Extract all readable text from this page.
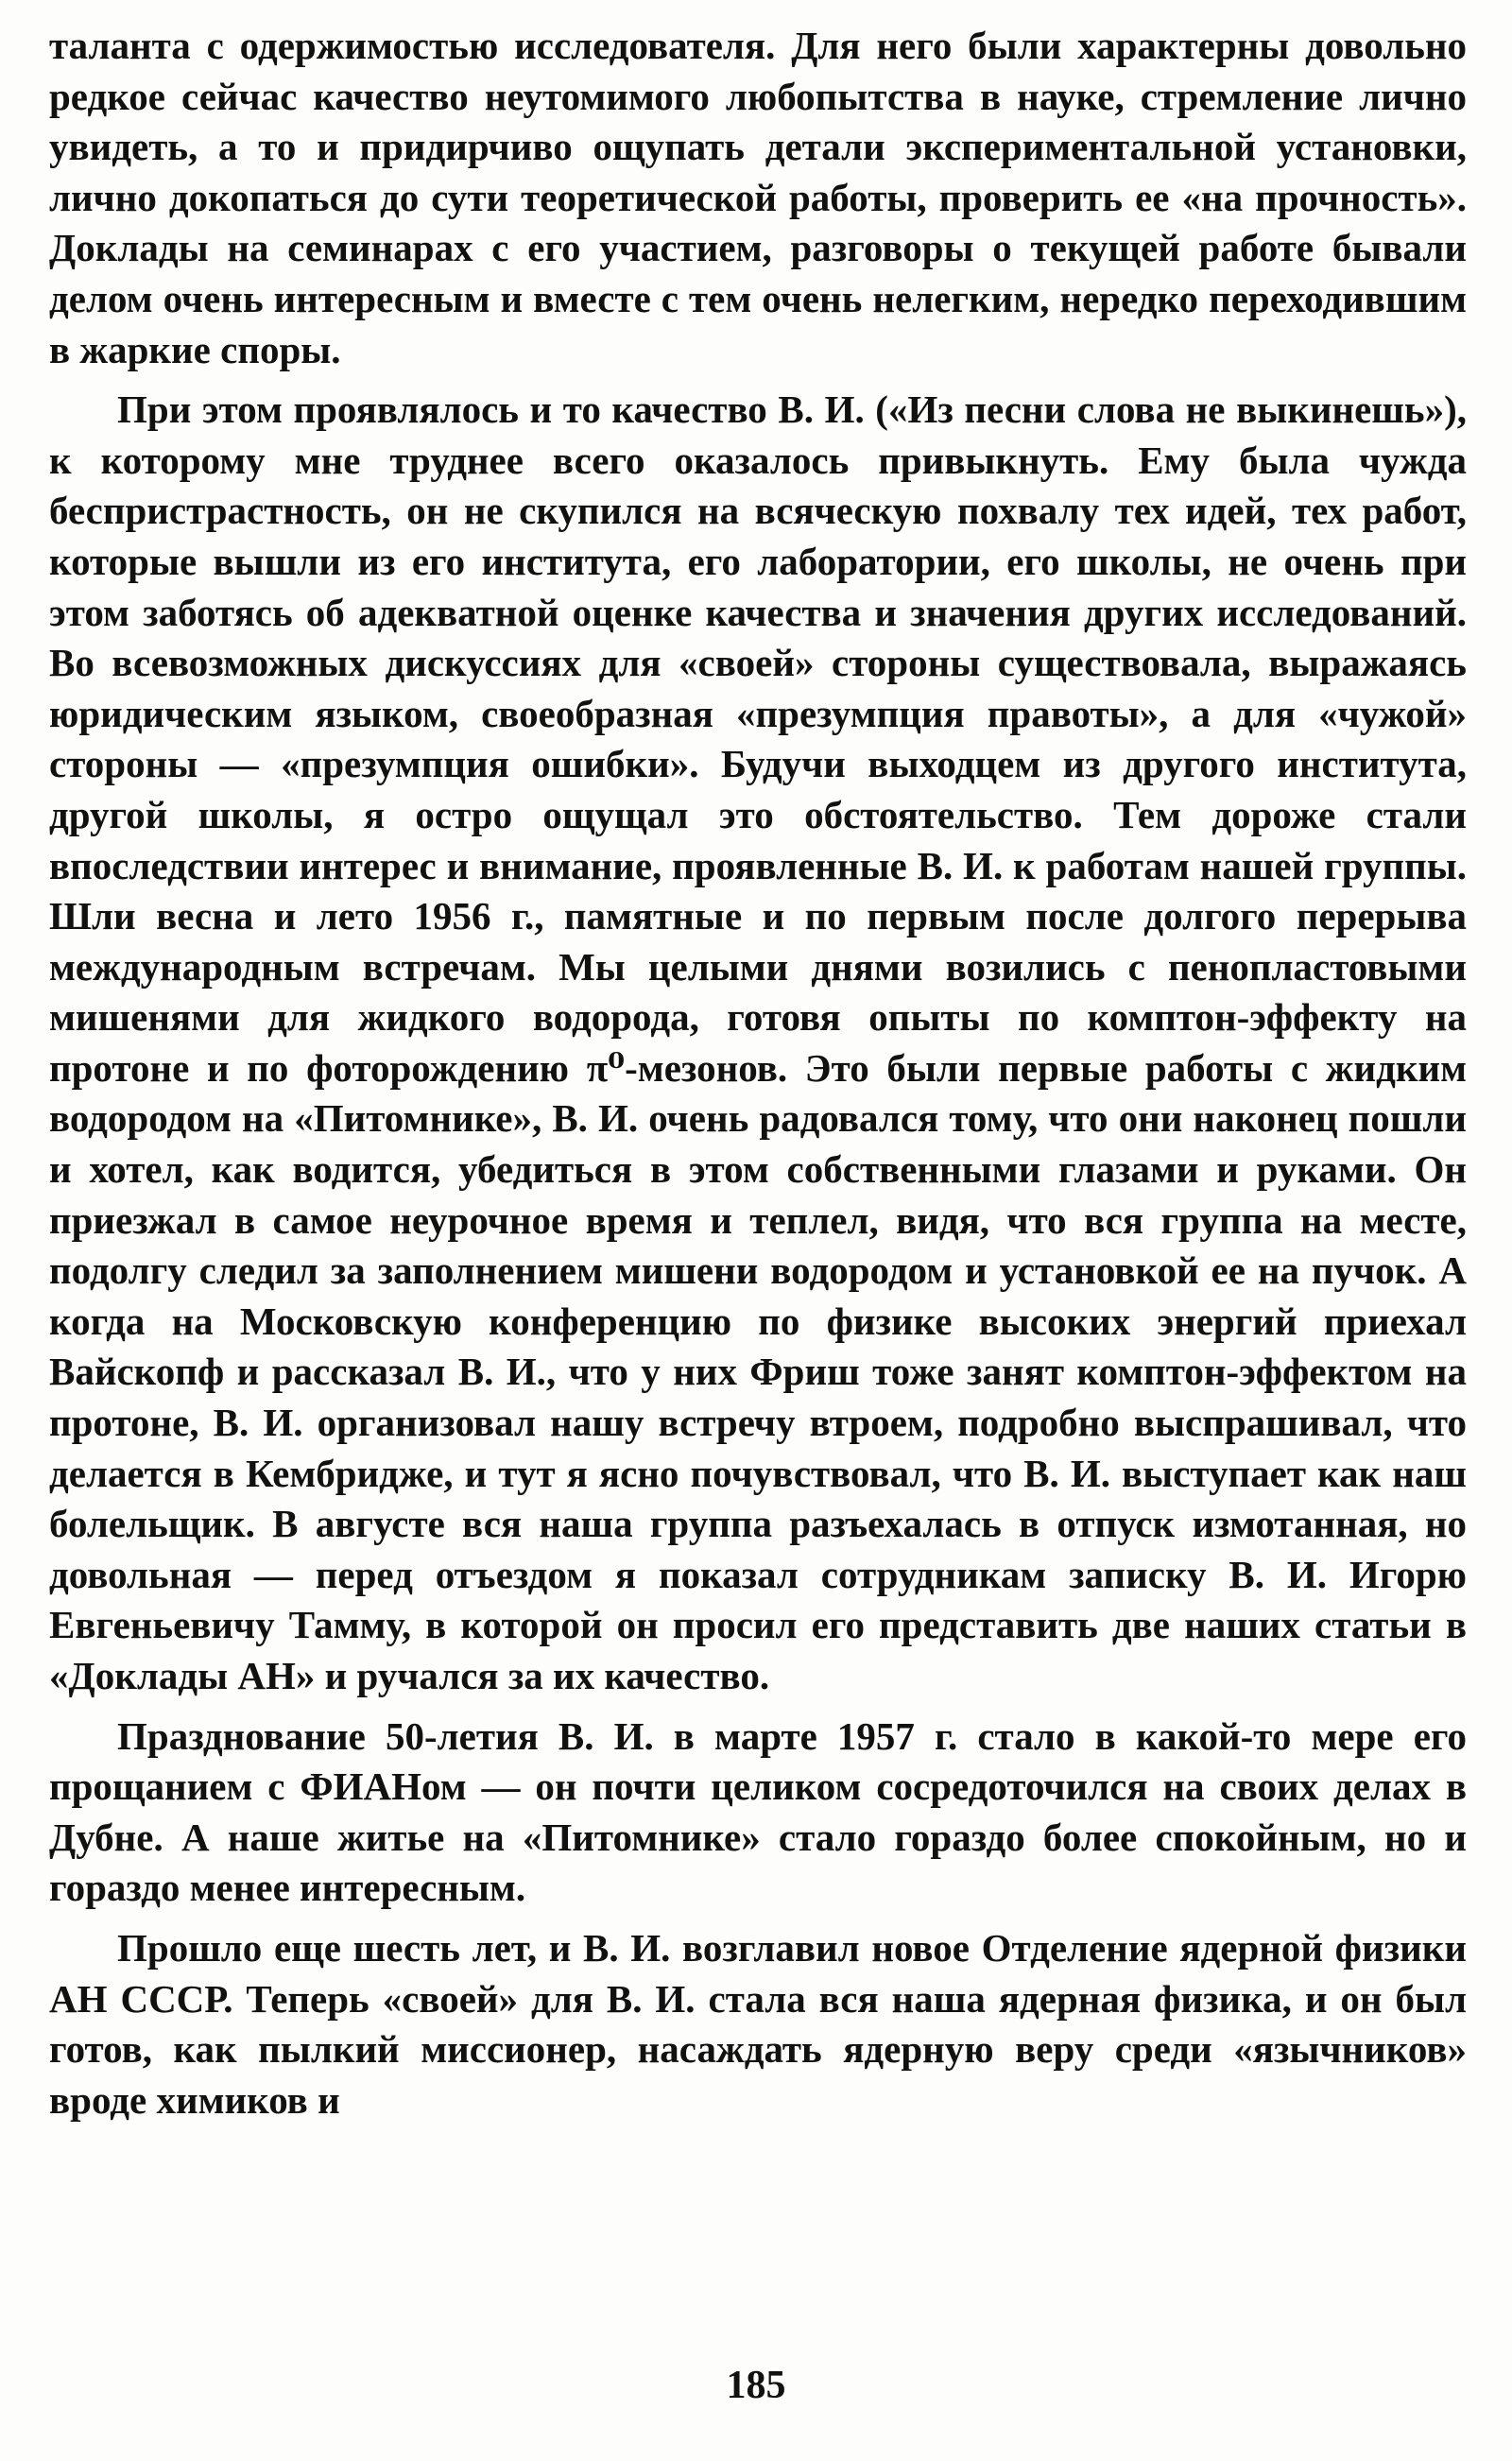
таланта с одержимостью исследователя. Для него были характерны довольно редкое сейчас качество неутомимого любопытства в науке, стремление лично увидеть, а то и придирчиво ощупать детали экспериментальной установки, лично докопаться до сути теоретической работы, проверить ее «на прочность». Доклады на семинарах с его участием, разговоры о текущей работе бывали делом очень интересным и вместе с тем очень нелегким, нередко переходившим в жаркие споры.

При этом проявлялось и то качество В. И. («Из песни слова не выкинешь»), к которому мне труднее всего оказалось привыкнуть. Ему была чужда беспристрастность, он не скупился на всяческую похвалу тех идей, тех работ, которые вышли из его института, его лаборатории, его школы, не очень при этом заботясь об адекватной оценке качества и значения других исследований. Во всевозможных дискуссиях для «своей» стороны существовала, выражаясь юридическим языком, своеобразная «презумпция правоты», а для «чужой» стороны — «презумпция ошибки». Будучи выходцем из другого института, другой школы, я остро ощущал это обстоятельство. Тем дороже стали впоследствии интерес и внимание, проявленные В. И. к работам нашей группы. Шли весна и лето 1956 г., памятные и по первым после долгого перерыва международным встречам. Мы целыми днями возились с пенопластовыми мишенями для жидкого водорода, готовя опыты по комптон-эффекту на протоне и по фоторождению π⁰-мезонов. Это были первые работы с жидким водородом на «Питомнике», В. И. очень радовался тому, что они наконец пошли и хотел, как водится, убедиться в этом собственными глазами и руками. Он приезжал в самое неурочное время и теплел, видя, что вся группа на месте, подолгу следил за заполнением мишени водородом и установкой ее на пучок. А когда на Московскую конференцию по физике высоких энергий приехал Вайскопф и рассказал В. И., что у них Фриш тоже занят комптон-эффектом на протоне, В. И. организовал нашу встречу втроем, подробно выспрашивал, что делается в Кембридже, и тут я ясно почувствовал, что В. И. выступает как наш болельщик. В августе вся наша группа разъехалась в отпуск измотанная, но довольная — перед отъездом я показал сотрудникам записку В. И. Игорю Евгеньевичу Тамму, в которой он просил его представить две наших статьи в «Доклады АН» и ручался за их качество.

Празднование 50-летия В. И. в марте 1957 г. стало в какой-то мере его прощанием с ФИАНом — он почти целиком сосредоточился на своих делах в Дубне. А наше житье на «Питомнике» стало гораздо более спокойным, но и гораздо менее интересным.

Прошло еще шесть лет, и В. И. возглавил новое Отделение ядерной физики АН СССР. Теперь «своей» для В. И. стала вся наша ядерная физика, и он был готов, как пылкий миссионер, насаждать ядерную веру среди «язычников» вроде химиков и

185
